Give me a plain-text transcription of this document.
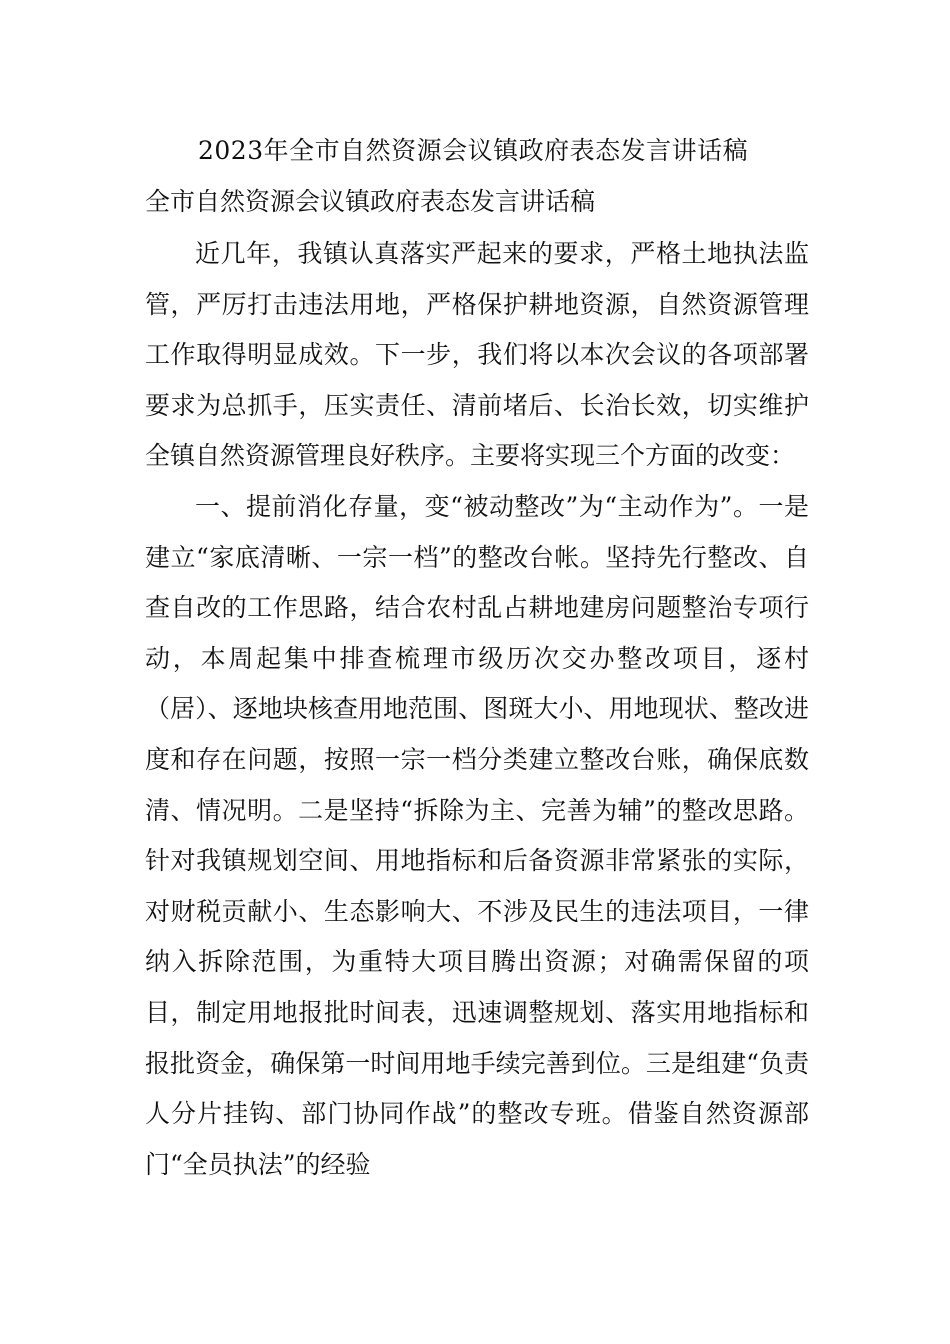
2023年全市自然资源会议镇政府表态发言讲话稿
全市自然资源会议镇政府表态发言讲话稿

近几年，我镇认真落实严起来的要求，严格土地执法监管，严厉打击违法用地，严格保护耕地资源，自然资源管理工作取得明显成效。下一步，我们将以本次会议的各项部署要求为总抓手，压实责任、清前堵后、长治长效，切实维护全镇自然资源管理良好秩序。主要将实现三个方面的改变：

一、提前消化存量，变“被动整改”为“主动作为”。一是建立“家底清晰、一宗一档”的整改台帐。坚持先行整改、自查自改的工作思路，结合农村乱占耕地建房问题整治专项行动，本周起集中排查梳理市级历次交办整改项目，逐村（居）、逐地块核查用地范围、图斑大小、用地现状、整改进度和存在问题，按照一宗一档分类建立整改台账，确保底数清、情况明。二是坚持“拆除为主、完善为辅”的整改思路。针对我镇规划空间、用地指标和后备资源非常紧张的实际，对财税贡献小、生态影响大、不涉及民生的违法项目，一律纳入拆除范围，为重特大项目腾出资源；对确需保留的项目，制定用地报批时间表，迅速调整规划、落实用地指标和报批资金，确保第一时间用地手续完善到位。三是组建“负责人分片挂钩、部门协同作战”的整改专班。借鉴自然资源部门“全员执法”的经验
